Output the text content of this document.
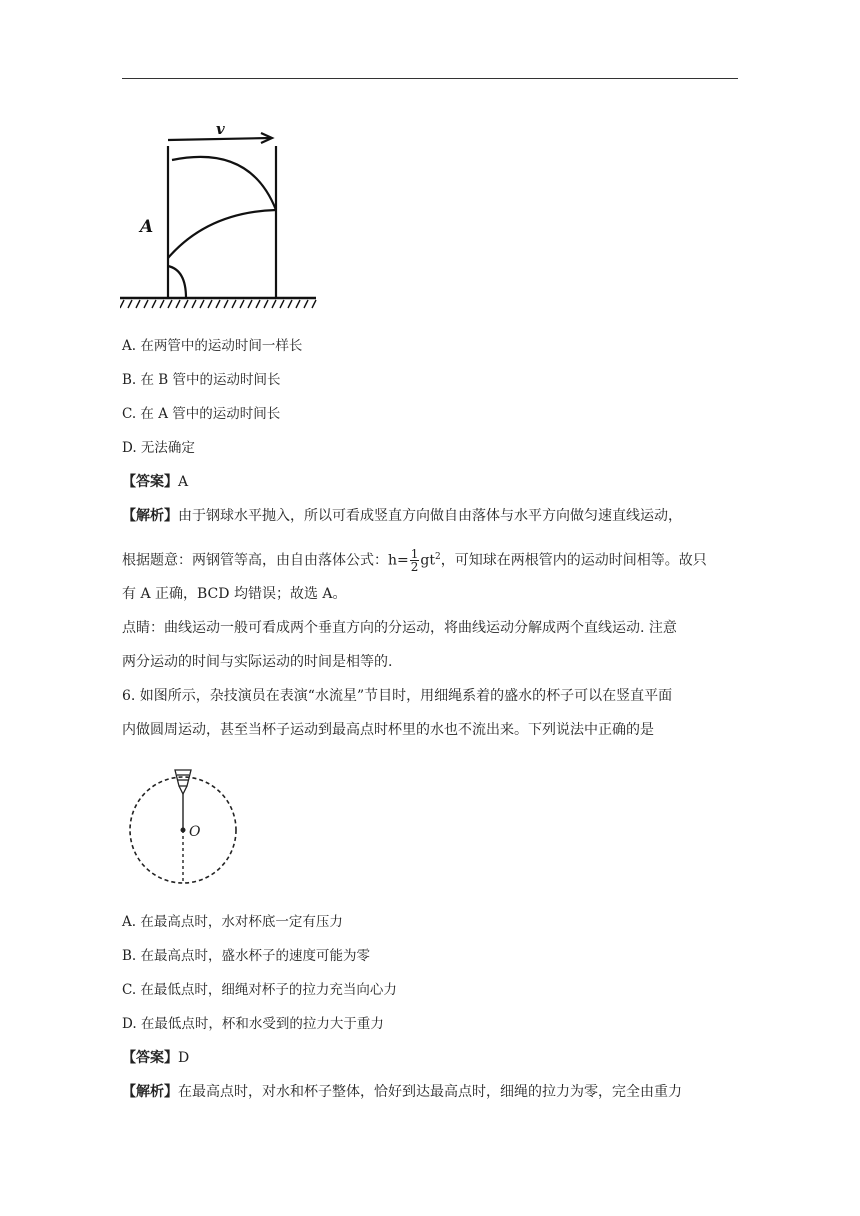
v
A
A. 在两管中的运动时间一样长
B. 在 B 管中的运动时间长
C. 在 A 管中的运动时间长
D. 无法确定
【答案】A
【解析】由于钢球水平抛入，所以可看成竖直方向做自由落体与水平方向做匀速直线运动，
根据题意：两钢管等高，由自由落体公式：$h= \frac{1}{2} gt^2$，可知球在两根管内的运动时间相等。故只
有 A 正确，BCD 均错误；故选 A。
点睛：曲线运动一般可看成两个垂直方向的分运动，将曲线运动分解成两个直线运动. 注意
两分运动的时间与实际运动的时间是相等的.
6. 如图所示，杂技演员在表演“水流星”节目时，用细绳系着的盛水的杯子可以在竖直平面
内做圆周运动，甚至当杯子运动到最高点时杯里的水也不流出来。下列说法中正确的是
O
A. 在最高点时，水对杯底一定有压力
B. 在最高点时，盛水杯子的速度可能为零
C. 在最低点时，细绳对杯子的拉力充当向心力
D. 在最低点时，杯和水受到的拉力大于重力
【答案】D
【解析】在最高点时，对水和杯子整体，恰好到达最高点时，细绳的拉力为零，完全由重力
